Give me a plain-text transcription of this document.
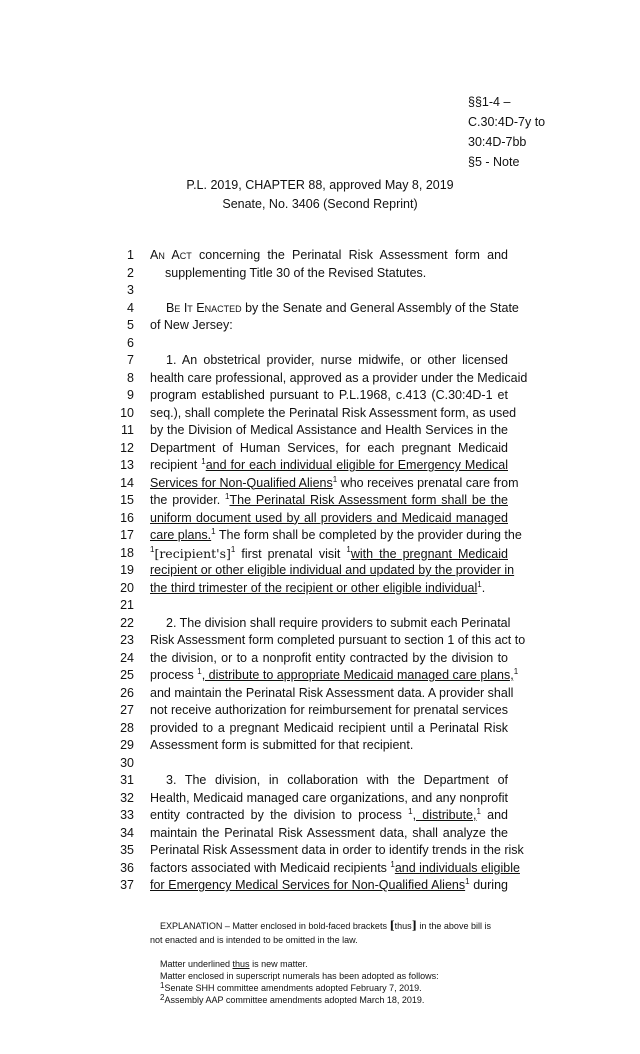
§§1-4 –
C.30:4D-7y to
30:4D-7bb
§5 - Note
P.L. 2019, CHAPTER 88, approved May 8, 2019
Senate, No. 3406 (Second Reprint)
1
2
3
4
5
6
7
8
9
10
11
12
13
14
15
16
17
18
19
20
21
22
23
24
25
26
27
28
29
30
31
32
33
34
35
36
37
An Act concerning the Perinatal Risk Assessment form and
supplementing Title 30 of the Revised Statutes.
Be It Enacted by the Senate and General Assembly of the State
of New Jersey:
1. An obstetrical provider, nurse midwife, or other licensed
health care professional, approved as a provider under the Medicaid
program established pursuant to P.L.1968, c.413 (C.30:4D-1 et
seq.), shall complete the Perinatal Risk Assessment form, as used
by the Division of Medical Assistance and Health Services in the
Department of Human Services, for each pregnant Medicaid
recipient $^1$and for each individual eligible for Emergency Medical
Services for Non-Qualified Aliens$^1$ who receives prenatal care from
the provider. $^1$The Perinatal Risk Assessment form shall be the
uniform document used by all providers and Medicaid managed
care plans.$^1$ The form shall be completed by the provider during the
$^1$[recipient's]$^1$ first prenatal visit $^1$with the pregnant Medicaid
recipient or other eligible individual and updated by the provider in
the third trimester of the recipient or other eligible individual$^1$.
2. The division shall require providers to submit each Perinatal
Risk Assessment form completed pursuant to section 1 of this act to
the division, or to a nonprofit entity contracted by the division to
process $^1$, distribute to appropriate Medicaid managed care plans,$^1$
and maintain the Perinatal Risk Assessment data. A provider shall
not receive authorization for reimbursement for prenatal services
provided to a pregnant Medicaid recipient until a Perinatal Risk
Assessment form is submitted for that recipient.
3. The division, in collaboration with the Department of
Health, Medicaid managed care organizations, and any nonprofit
entity contracted by the division to process $^1$, distribute,$^1$ and
maintain the Perinatal Risk Assessment data, shall analyze the
Perinatal Risk Assessment data in order to identify trends in the risk
factors associated with Medicaid recipients $^1$and individuals eligible
for Emergency Medical Services for Non-Qualified Aliens$^1$ during
EXPLANATION – Matter enclosed in bold-faced brackets [thus] in the above bill is
not enacted and is intended to be omitted in the law.
Matter underlined thus is new matter.
Matter enclosed in superscript numerals has been adopted as follows:
$^1$Senate SHH committee amendments adopted February 7, 2019.
$^2$Assembly AAP committee amendments adopted March 18, 2019.
